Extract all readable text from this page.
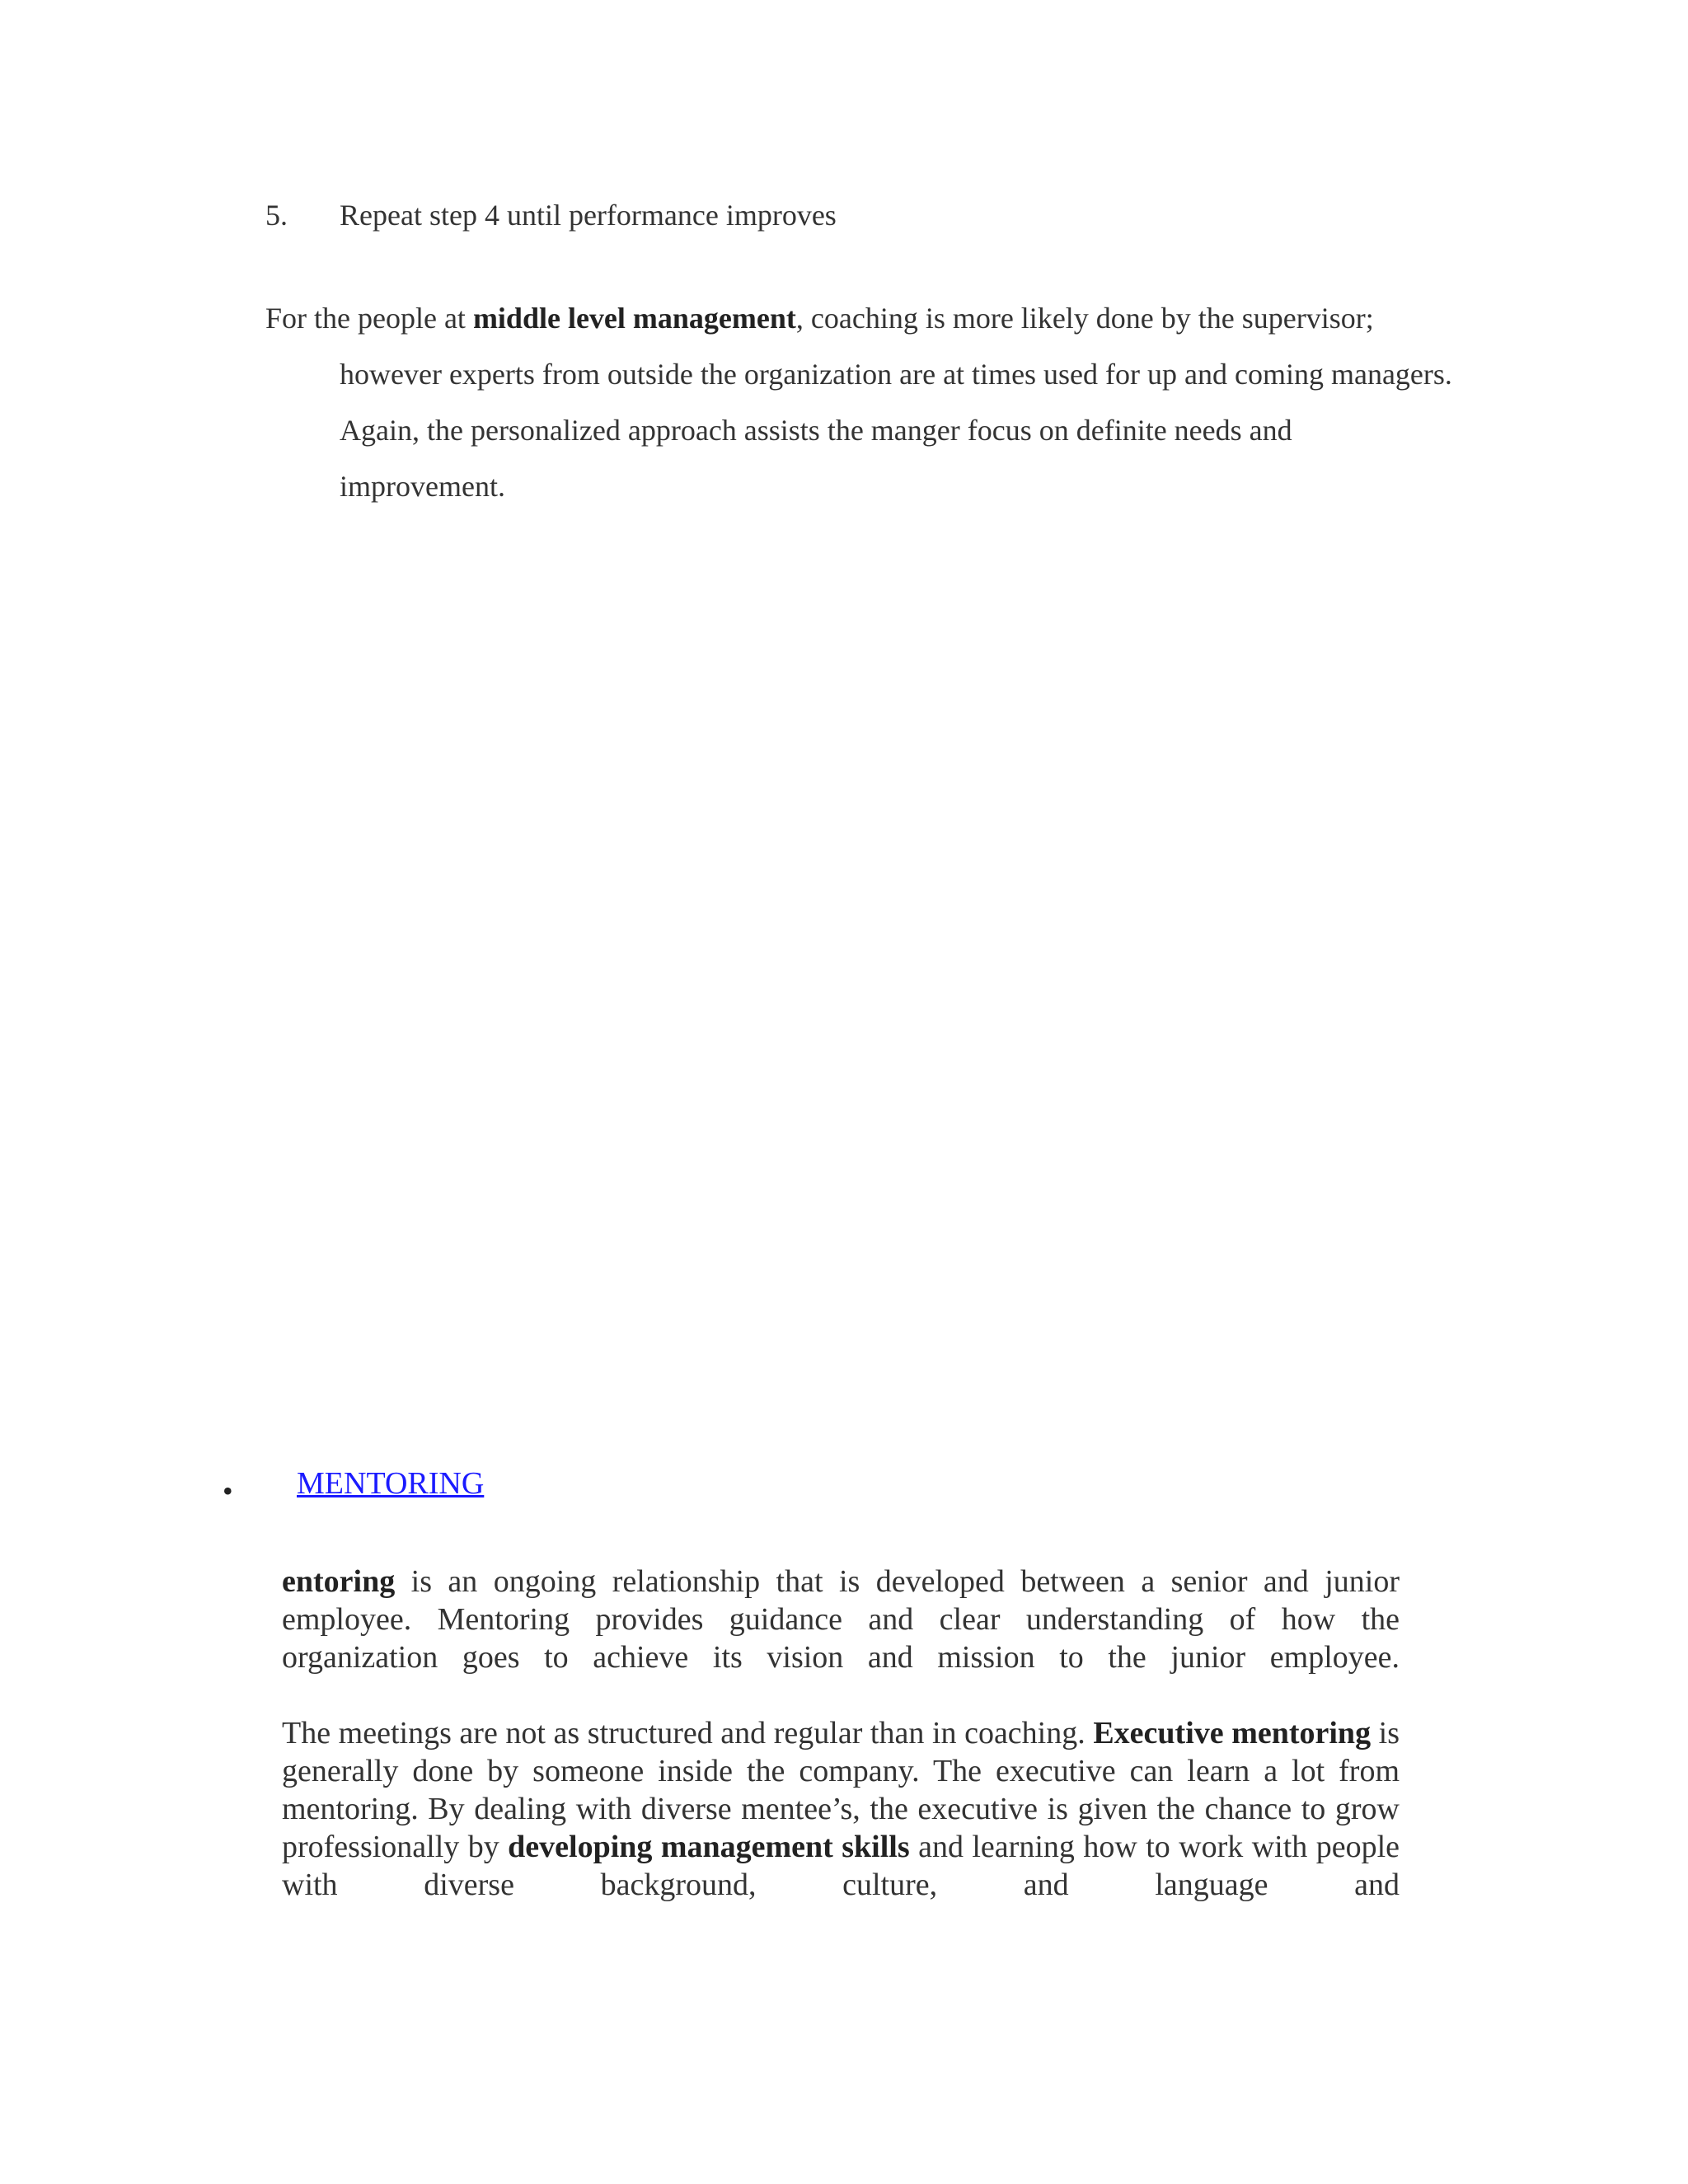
5. Repeat step 4 until performance improves
For the people at middle level management, coaching is more likely done by the supervisor; however experts from outside the organization are at times used for up and coming managers. Again, the personalized approach assists the manger focus on definite needs and improvement.
• MENTORING

entoring is an ongoing relationship that is developed between a senior and junior employee. Mentoring provides guidance and clear understanding of how the organization goes to achieve its vision and mission to the junior employee.

The meetings are not as structured and regular than in coaching. Executive mentoring is generally done by someone inside the company. The executive can learn a lot from mentoring. By dealing with diverse mentee’s, the executive is given the chance to grow professionally by developing management skills and learning how to work with people with diverse background, culture, and language and
